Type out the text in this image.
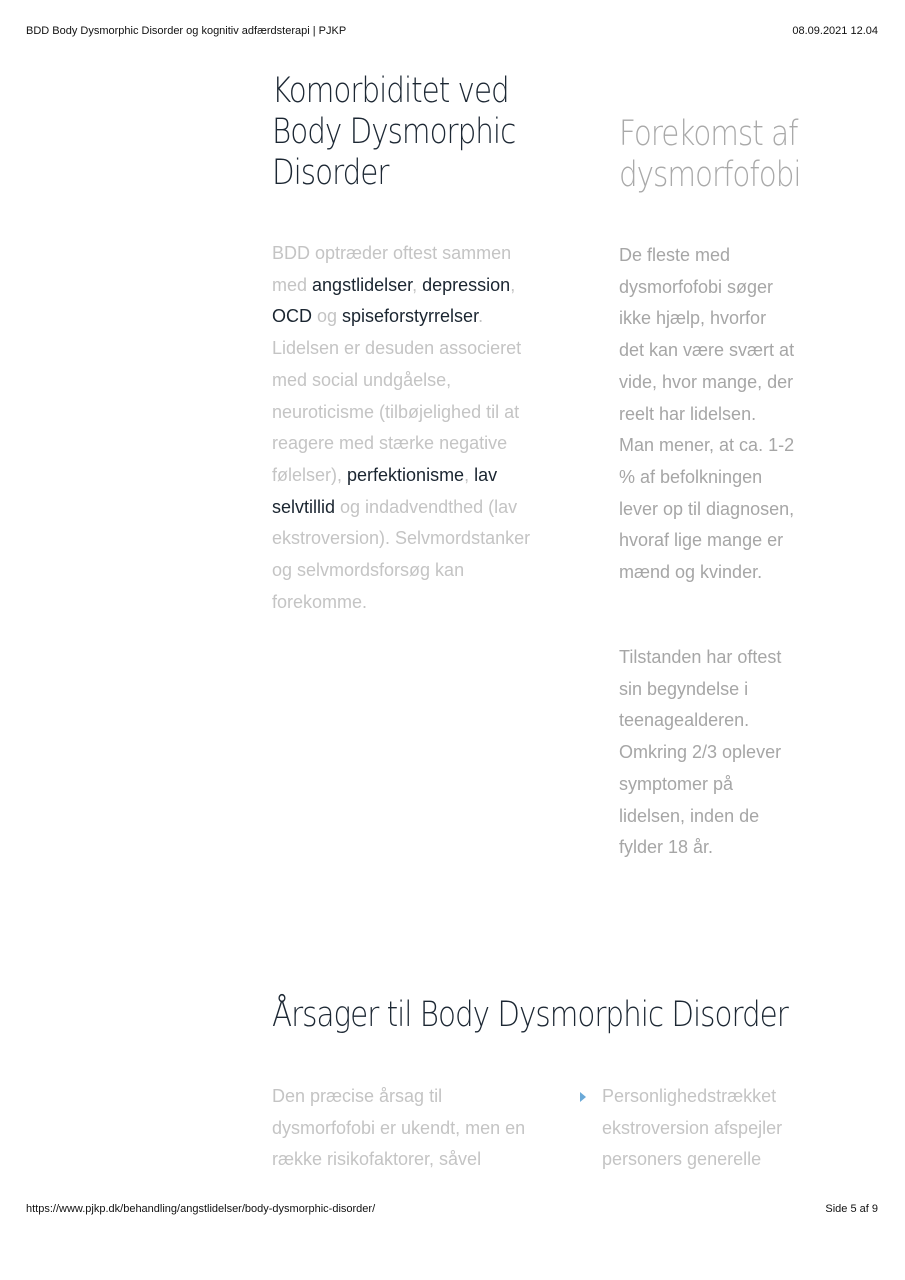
BDD Body Dysmorphic Disorder og kognitiv adfærdsterapi | PJKP	08.09.2021 12.04
Komorbiditet ved Body Dysmorphic Disorder

BDD optræder oftest sammen med angstlidelser, depression, OCD og spiseforstyrrelser. Lidelsen er desuden associeret med social undgåelse, neuroticisme (tilbøjelighed til at reagere med stærke negative følelser), perfektionisme, lav selvtillid og indadvendthed (lav ekstroversion). Selvmordstanker og selvmordsforsøg kan forekomme.

Forekomst af dysmorfofobi

De fleste med dysmorfofobi søger ikke hjælp, hvorfor det kan være svært at vide, hvor mange, der reelt har lidelsen. Man mener, at ca. 1-2 % af befolkningen lever op til diagnosen, hvoraf lige mange er mænd og kvinder.

Tilstanden har oftest sin begyndelse i teenagealderen. Omkring 2/3 oplever symptomer på lidelsen, inden de fylder 18 år.

Årsager til Body Dysmorphic Disorder

Den præcise årsag til dysmorfofobi er ukendt, men en række risikofaktorer, såvel

Personlighedstrækket ekstroversion afspejler personers generelle

https://www.pjkp.dk/behandling/angstlidelser/body-dysmorphic-disorder/	Side 5 af 9
